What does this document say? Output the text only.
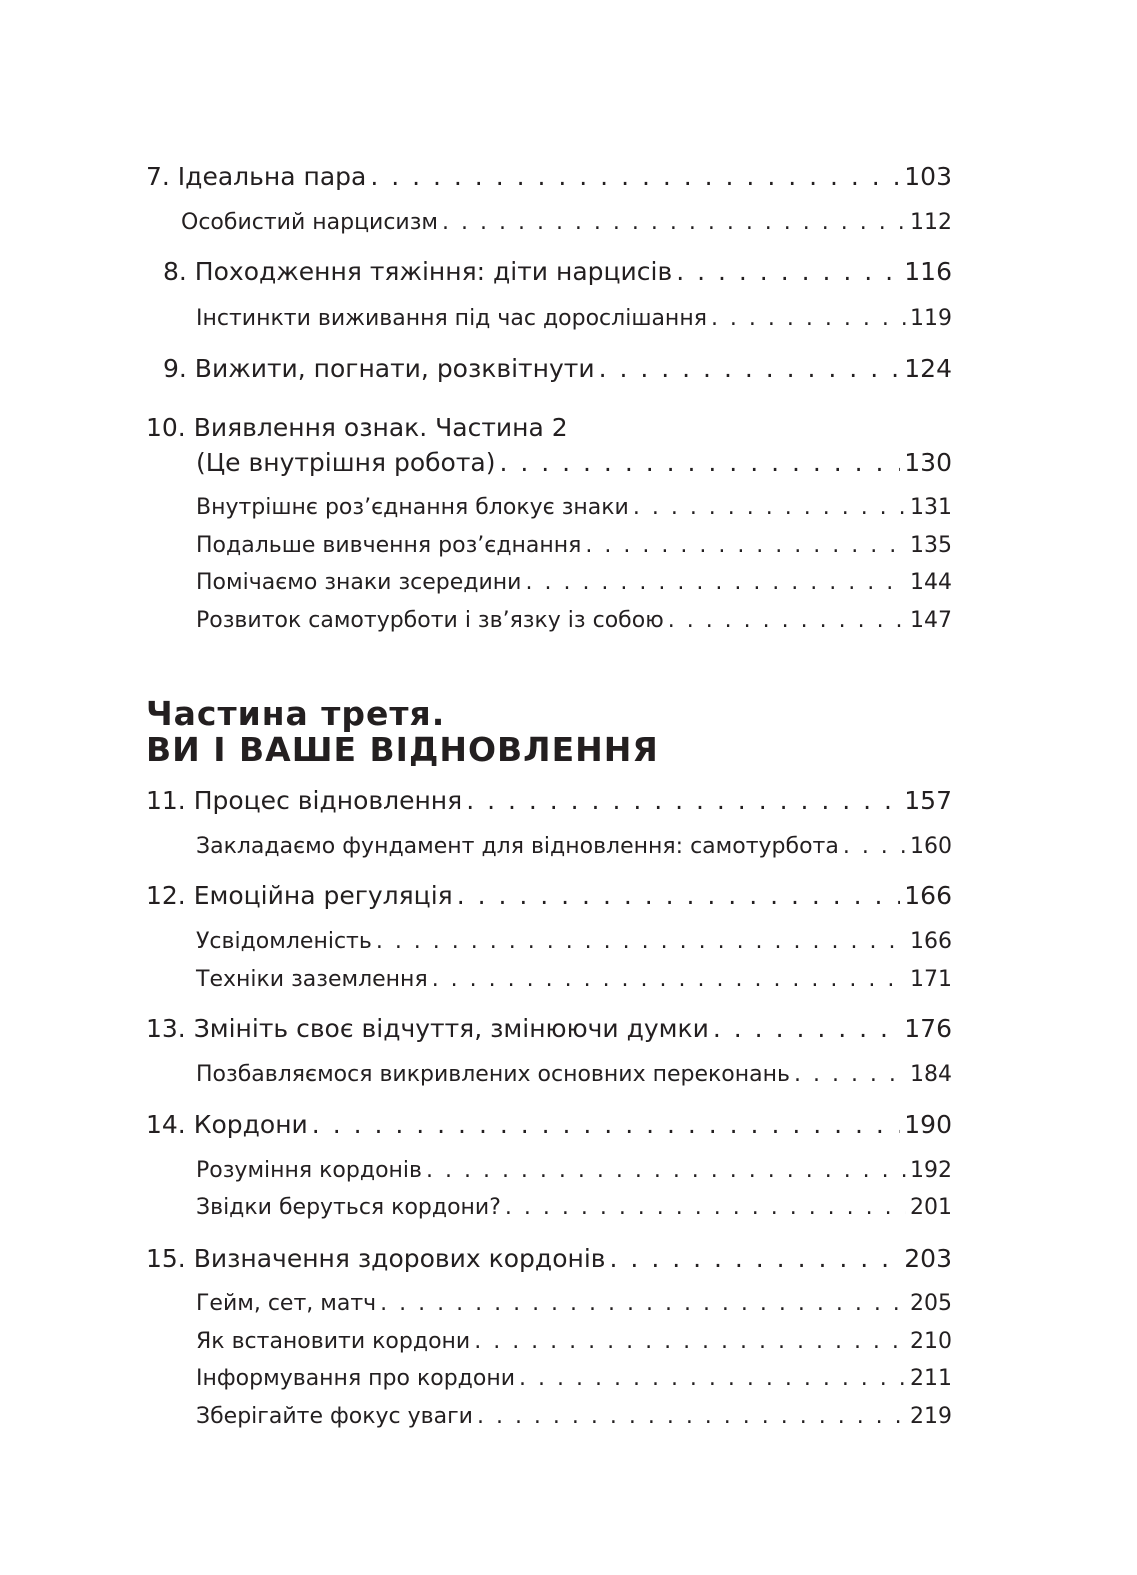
7. Ідеальна пара . . .	103
Особистий нарцисизм . . .	112
8. Походження тяжіння: діти нарцисів . . .	116
Інстинкти виживання під час дорослішання . . .	119
9. Вижити, погнати, розквітнути . . .	124
10. Виявлення ознак. Частина 2
(Це внутрішня робота) . . .	130
Внутрішнє роз’єднання блокує знаки . . .	131
Подальше вивчення роз’єднання . . .	135
Помічаємо знаки зсередини . . .	144
Розвиток самотурботи і зв’язку із собою . . .	147
Частина третя.
ВИ І ВАШЕ ВІДНОВЛЕННЯ
11. Процес відновлення . . .	157
Закладаємо фундамент для відновлення: самотурбота . . .	160
12. Емоційна регуляція . . .	166
Усвідомленість . . .	166
Техніки заземлення . . .	171
13. Змініть своє відчуття, змінюючи думки . . .	176
Позбавляємося викривлених основних переконань . . .	184
14. Кордони . . .	190
Розуміння кордонів . . .	192
Звідки беруться кордони? . . .	201
15. Визначення здорових кордонів . . .	203
Гейм, сет, матч . . .	205
Як встановити кордони . . .	210
Інформування про кордони . . .	211
Зберігайте фокус уваги . . .	219
